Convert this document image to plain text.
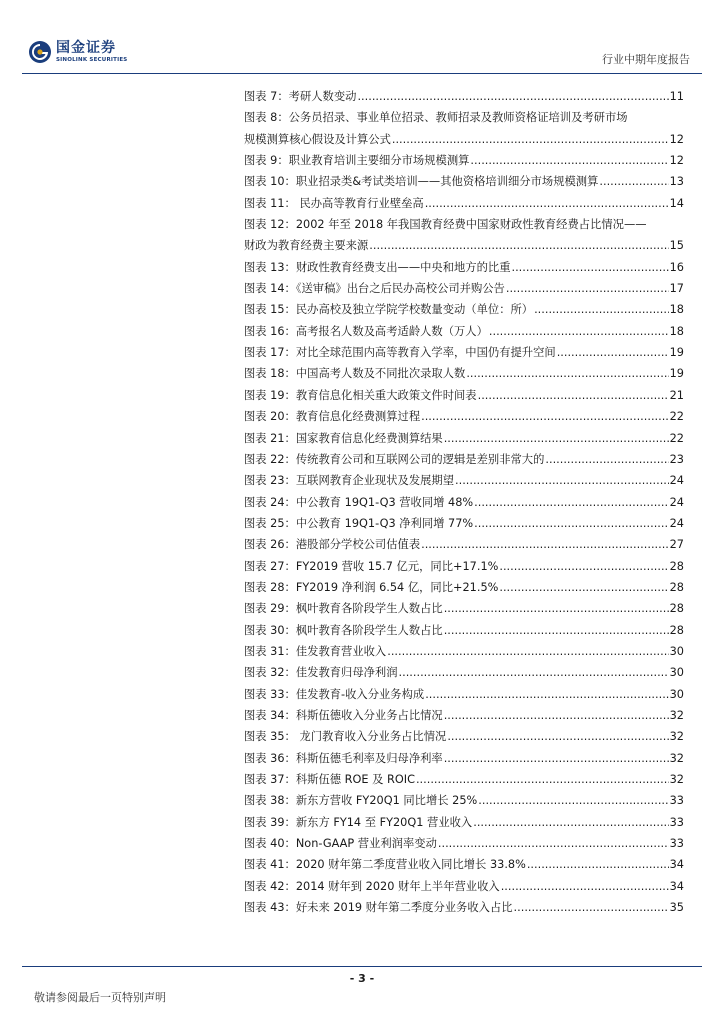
国金证券
SINOLINK SECURITIES	行业中期年度报告
图表 7：考研人数变动 .....	11
图表 8：公务员招录、事业单位招录、教师招录及教师资格证培训及考研市场
规模测算核心假设及计算公式 .....	12
图表 9：职业教育培训主要细分市场规模测算 .....	12
图表 10：职业招录类&考试类培训——其他资格培训细分市场规模测算 .....	13
图表 11： 民办高等教育行业壁垒高 .....	14
图表 12：2002 年至 2018 年我国教育经费中国家财政性教育经费占比情况——
财政为教育经费主要来源 .....	15
图表 13：财政性教育经费支出——中央和地方的比重 .....	16
图表 14：《送审稿》出台之后民办高校公司并购公告 .....	17
图表 15：民办高校及独立学院学校数量变动（单位：所） .....	18
图表 16：高考报名人数及高考适龄人数（万人） .....	18
图表 17：对比全球范围内高等教育入学率，中国仍有提升空间 .....	19
图表 18：中国高考人数及不同批次录取人数 .....	19
图表 19：教育信息化相关重大政策文件时间表 .....	21
图表 20：教育信息化经费测算过程 .....	22
图表 21：国家教育信息化经费测算结果 .....	22
图表 22：传统教育公司和互联网公司的逻辑是差别非常大的 .....	23
图表 23：互联网教育企业现状及发展期望 .....	24
图表 24：中公教育 19Q1-Q3 营收同增 48% .....	24
图表 25：中公教育 19Q1-Q3 净利同增 77% .....	24
图表 26：港股部分学校公司估值表 .....	27
图表 27：FY2019 营收 15.7 亿元，同比+17.1% .....	28
图表 28：FY2019 净利润 6.54 亿，同比+21.5% .....	28
图表 29：枫叶教育各阶段学生人数占比 .....	28
图表 30：枫叶教育各阶段学生人数占比 .....	28
图表 31：佳发教育营业收入 .....	30
图表 32：佳发教育归母净利润 .....	30
图表 33：佳发教育-收入分业务构成 .....	30
图表 34：科斯伍德收入分业务占比情况 .....	32
图表 35： 龙门教育收入分业务占比情况 .....	32
图表 36：科斯伍德毛利率及归母净利率 .....	32
图表 37：科斯伍德 ROE 及 ROIC .....	32
图表 38：新东方营收 FY20Q1 同比增长 25% .....	33
图表 39：新东方 FY14 至 FY20Q1 营业收入 .....	33
图表 40：Non-GAAP 营业利润率变动 .....	33
图表 41：2020 财年第二季度营业收入同比增长 33.8% .....	34
图表 42：2014 财年到 2020 财年上半年营业收入 .....	34
图表 43：好未来 2019 财年第二季度分业务收入占比 .....	35
- 3 -
敬请参阅最后一页特别声明
